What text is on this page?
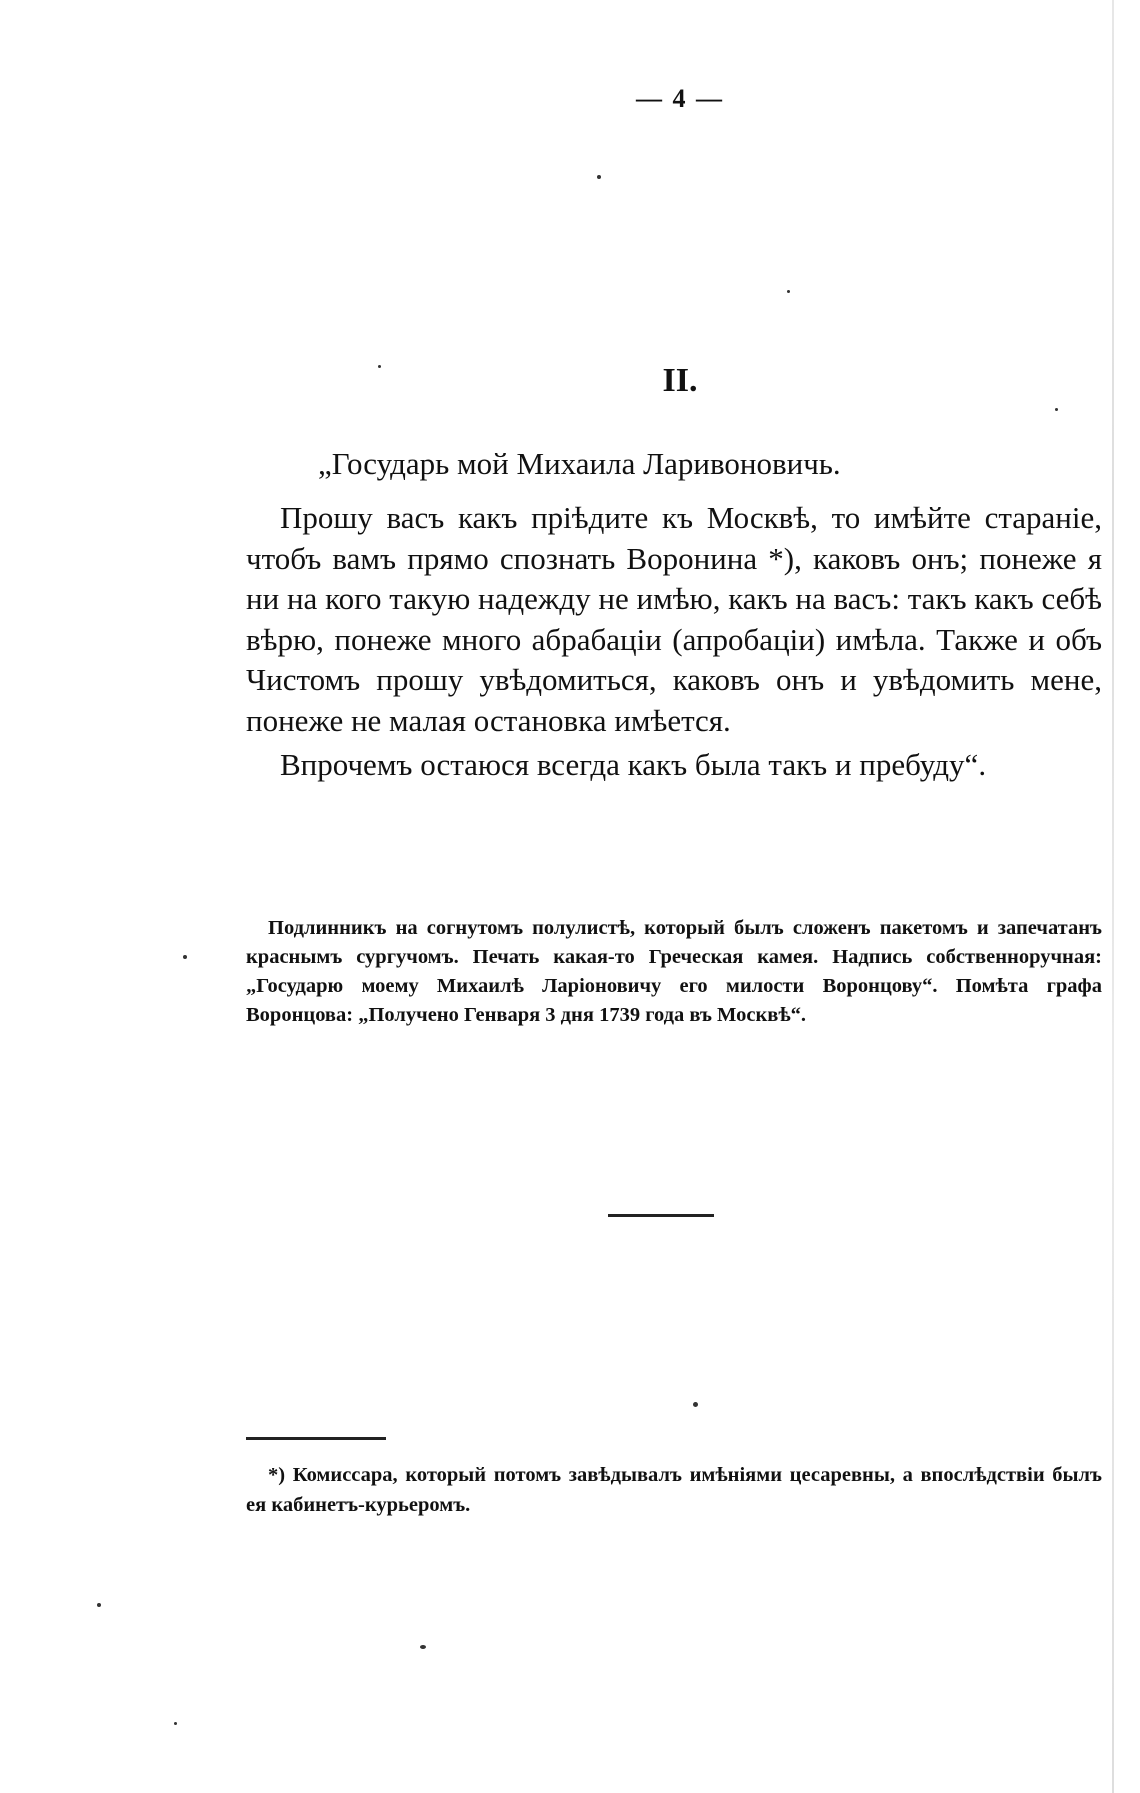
— 4 —
II.
„Государь мой Михаила Ларивоновичь.

Прошу васъ какъ пріѣдите къ Москвѣ, то имѣйте стараніе, чтобъ вамъ прямо спознать Воронина *), каковъ онъ; понеже я ни на кого такую надежду не имѣю, какъ на васъ: такъ какъ себѣ вѣрю, понеже много абрабаціи (апробаціи) имѣла. Также и объ Чистомъ прошу увѣдомиться, каковъ онъ и увѣдомить мене, понеже не малая остановка имѣется.

Впрочемъ остаюся всегда какъ была такъ и пребуду“.

Подлинникъ на согнутомъ полулистѣ, который былъ сложенъ пакетомъ и запечатанъ краснымъ сургучомъ. Печать какая-то Греческая камея. Надпись собственноручная: „Государю моему Михаилѣ Ларіоновичу его милости Воронцову“. Помѣта графа Воронцова: „Получено Генваря 3 дня 1739 года въ Москвѣ“.
*) Комиссара, который потомъ завѣдывалъ имѣніями цесаревны, а впослѣдствіи былъ ея кабинетъ-курьеромъ.
